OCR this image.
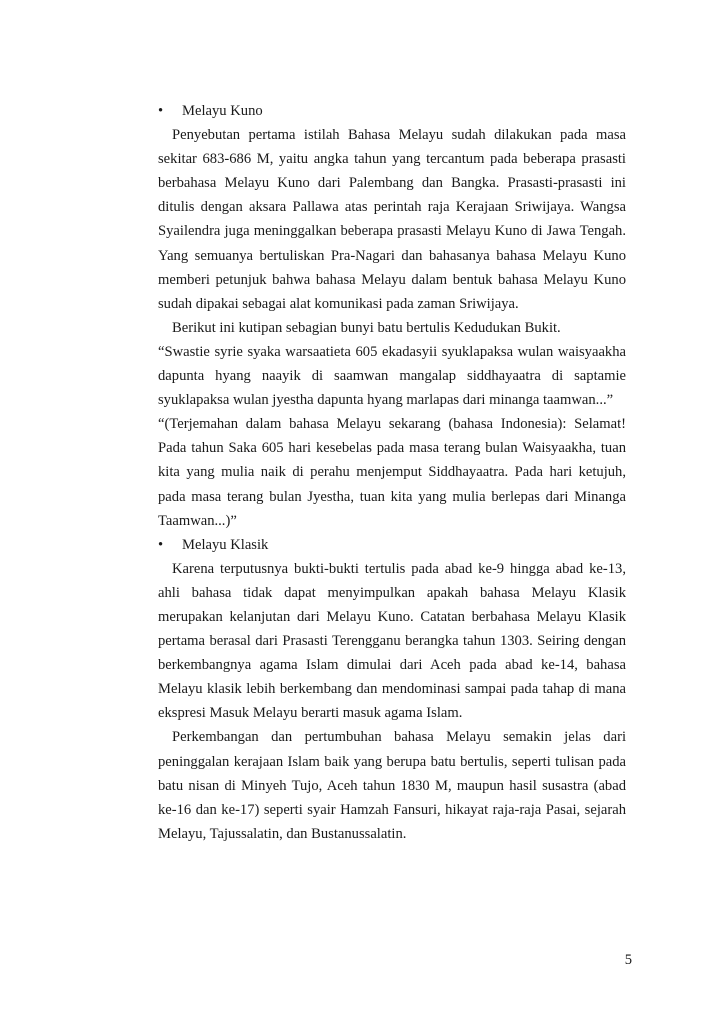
•	Melayu Kuno

Penyebutan pertama istilah Bahasa Melayu sudah dilakukan pada masa sekitar 683-686 M, yaitu angka tahun yang tercantum pada beberapa prasasti berbahasa Melayu Kuno dari Palembang dan Bangka. Prasasti-prasasti ini ditulis dengan aksara Pallawa atas perintah raja Kerajaan Sriwijaya. Wangsa Syailendra juga meninggalkan beberapa prasasti Melayu Kuno di Jawa Tengah. Yang semuanya bertuliskan Pra-Nagari dan bahasanya bahasa Melayu Kuno memberi petunjuk bahwa bahasa Melayu dalam bentuk bahasa Melayu Kuno sudah dipakai sebagai alat komunikasi pada zaman Sriwijaya.

Berikut ini kutipan sebagian bunyi batu bertulis Kedudukan Bukit.

“Swastie syrie syaka warsaatieta 605 ekadasyii syuklapaksa wulan waisyaakha dapunta hyang naayik di saamwan mangalap siddhayaatra di saptamie syuklapaksa wulan jyestha dapunta hyang marlapas dari minanga taamwan...”

“(Terjemahan dalam bahasa Melayu sekarang (bahasa Indonesia): Selamat! Pada tahun Saka 605 hari kesebelas pada masa terang bulan Waisyaakha, tuan kita yang mulia naik di perahu menjemput Siddhayaatra. Pada hari ketujuh, pada masa terang bulan Jyestha, tuan kita yang mulia berlepas dari Minanga Taamwan...)”

•	Melayu Klasik

Karena terputusnya bukti-bukti tertulis pada abad ke-9 hingga abad ke-13, ahli bahasa tidak dapat menyimpulkan apakah bahasa Melayu Klasik merupakan kelanjutan dari Melayu Kuno. Catatan berbahasa Melayu Klasik pertama berasal dari Prasasti Terengganu berangka tahun 1303. Seiring dengan berkembangnya agama Islam dimulai dari Aceh pada abad ke-14, bahasa Melayu klasik lebih berkembang dan mendominasi sampai pada tahap di mana ekspresi Masuk Melayu berarti masuk agama Islam.

Perkembangan dan pertumbuhan bahasa Melayu semakin jelas dari peninggalan kerajaan Islam baik yang berupa batu bertulis, seperti tulisan pada batu nisan di Minyeh Tujo, Aceh tahun 1830 M, maupun hasil susastra (abad ke-16 dan ke-17) seperti syair Hamzah Fansuri, hikayat raja-raja Pasai, sejarah Melayu, Tajussalatin, dan Bustanussalatin.

5
